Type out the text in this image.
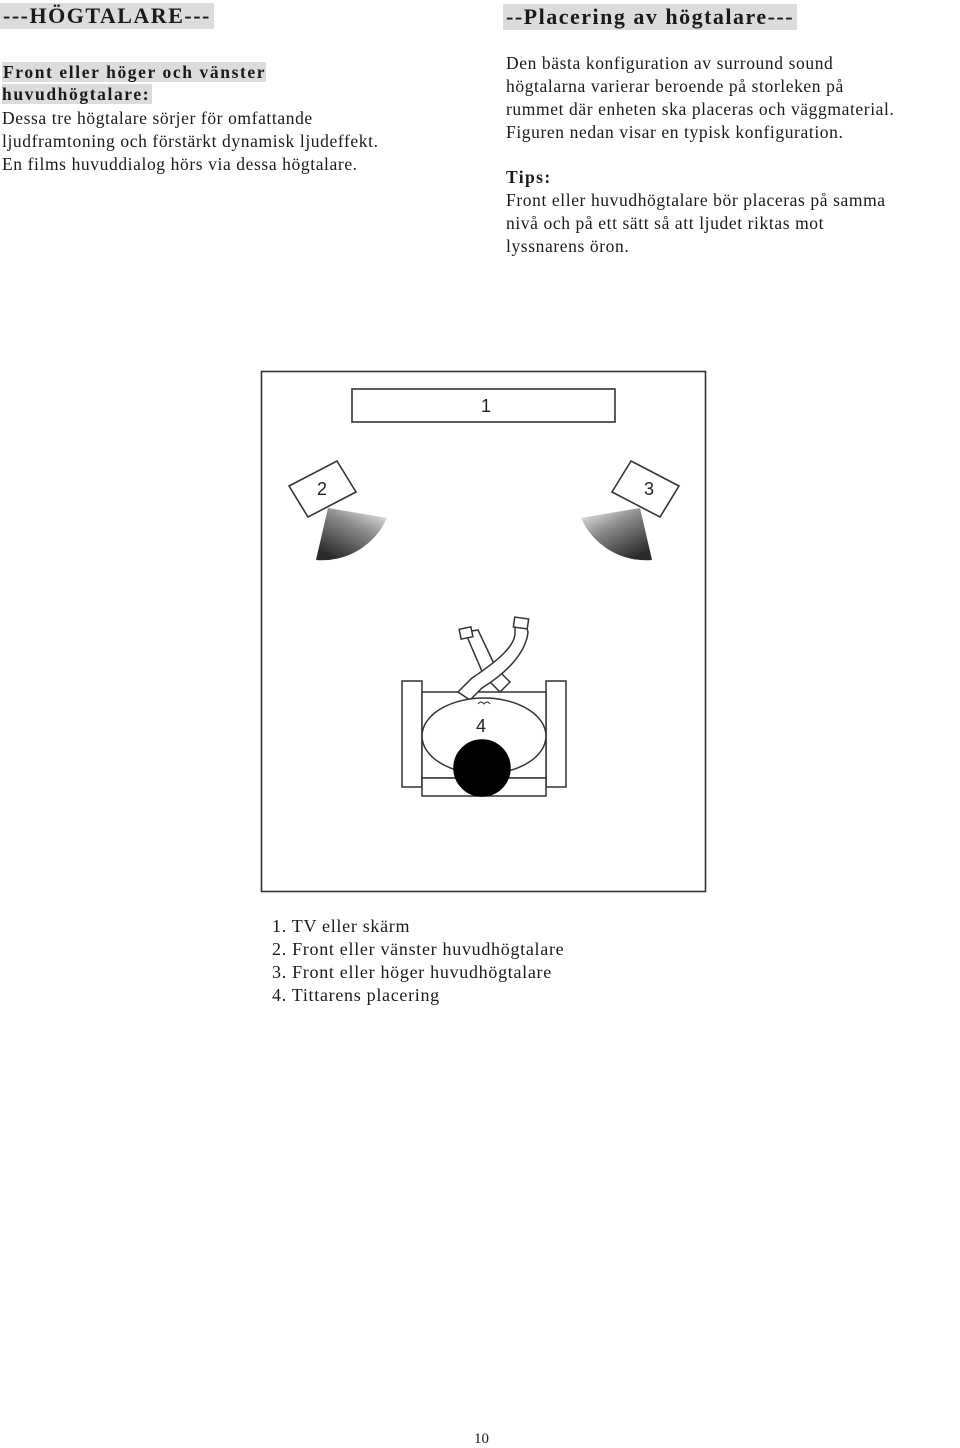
---HÖGTALARE---
Front eller höger och vänster
huvudhögtalare:
Dessa tre högtalare sörjer för omfattande
ljudframtoning och förstärkt dynamisk ljudeffekt.
En films huvuddialog hörs via dessa högtalare.
--Placering av högtalare---
Den bästa konfiguration av surround sound
högtalarna varierar beroende på storleken på
rummet där enheten ska placeras och väggmaterial.
Figuren nedan visar en typisk konfiguration.
Tips:
Front eller huvudhögtalare bör placeras på samma
nivå och på ett sätt så att ljudet riktas mot
lyssnarens öron.
1
2	3
4
1. TV eller skärm
2. Front eller vänster huvudhögtalare
3. Front eller höger huvudhögtalare
4. Tittarens placering
10
